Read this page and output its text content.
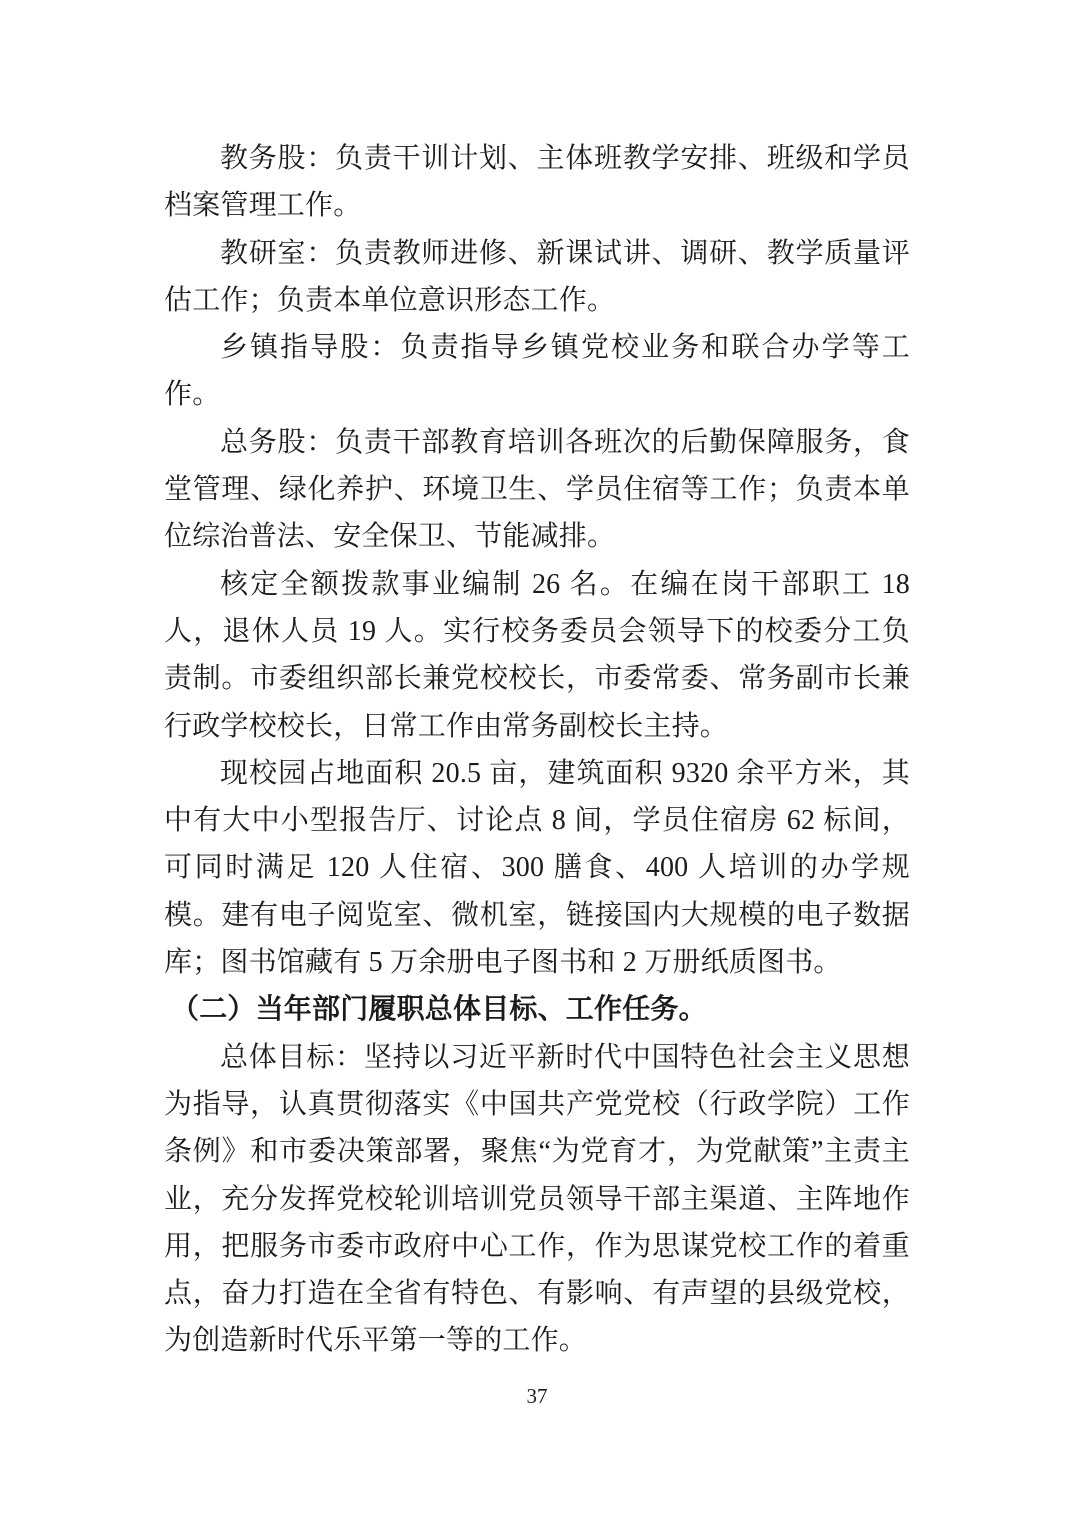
教务股：负责干训计划、主体班教学安排、班级和学员档案管理工作。

教研室：负责教师进修、新课试讲、调研、教学质量评估工作；负责本单位意识形态工作。

乡镇指导股：负责指导乡镇党校业务和联合办学等工作。

总务股：负责干部教育培训各班次的后勤保障服务，食堂管理、绿化养护、环境卫生、学员住宿等工作；负责本单位综治普法、安全保卫、节能减排。

核定全额拨款事业编制 26 名。在编在岗干部职工 18 人，退休人员 19 人。实行校务委员会领导下的校委分工负责制。市委组织部长兼党校校长，市委常委、常务副市长兼行政学校校长，日常工作由常务副校长主持。

现校园占地面积 20.5 亩，建筑面积 9320 余平方米，其中有大中小型报告厅、讨论点 8 间，学员住宿房 62 标间，可同时满足 120 人住宿、300 膳食、400 人培训的办学规模。建有电子阅览室、微机室，链接国内大规模的电子数据库；图书馆藏有 5 万余册电子图书和 2 万册纸质图书。

（二）当年部门履职总体目标、工作任务。

总体目标：坚持以习近平新时代中国特色社会主义思想为指导，认真贯彻落实《中国共产党党校（行政学院）工作条例》和市委决策部署，聚焦“为党育才，为党献策”主责主业，充分发挥党校轮训培训党员领导干部主渠道、主阵地作用，把服务市委市政府中心工作，作为思谋党校工作的着重点，奋力打造在全省有特色、有影响、有声望的县级党校，为创造新时代乐平第一等的工作。

37
